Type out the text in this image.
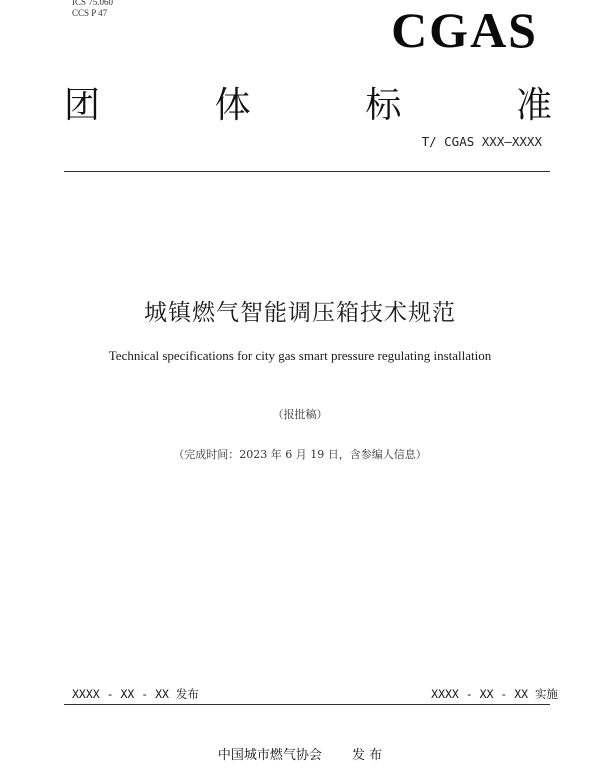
ICS 75.060
CCS P 47	CGAS
团	体	标	准
T/ CGAS XXX—XXXX
城镇燃气智能调压箱技术规范
Technical specifications for city gas smart pressure regulating installation
（报批稿）
（完成时间：2023 年 6 月 19 日，含参编人信息）
XXXX - XX - XX 发布	XXXX - XX - XX 实施
中国城市燃气协会 发 布
